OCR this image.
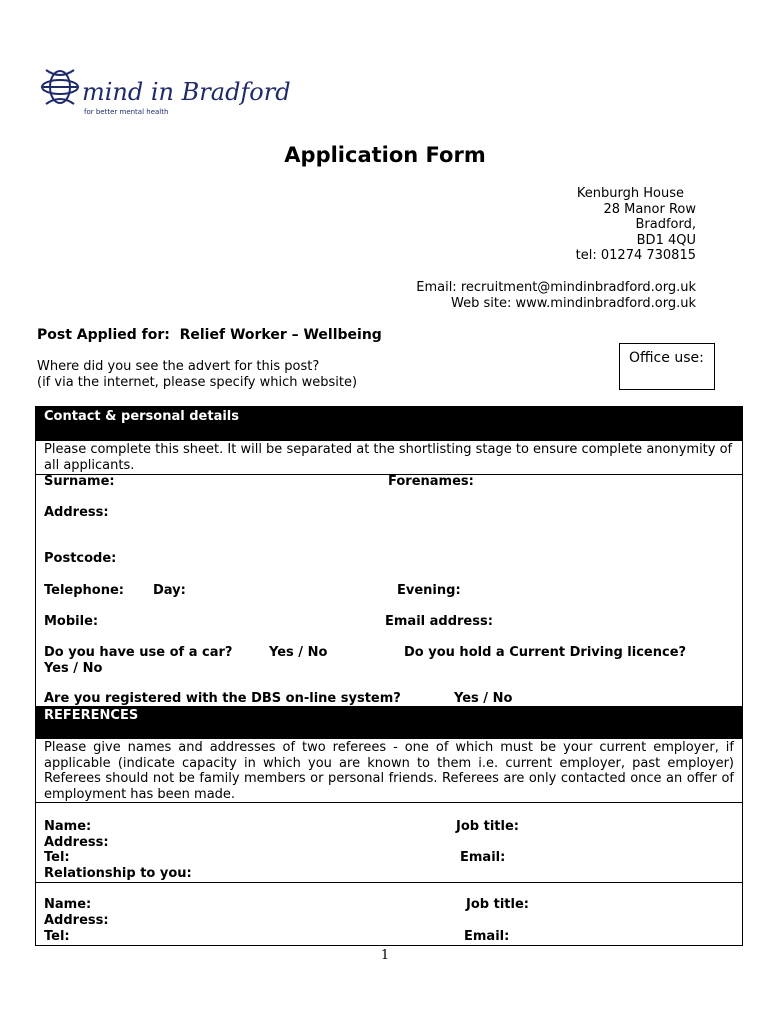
mind in Bradford
for better mental health
Application Form
Kenburgh House
28 Manor Row
Bradford,
BD1 4QU
tel: 01274 730815
Email: recruitment@mindinbradford.org.uk
Web site: www.mindinbradford.org.uk
Post Applied for: Relief Worker – Wellbeing
Where did you see the advert for this post?
(if via the internet, please specify which website)
Office use:
Contact & personal details
Please complete this sheet. It will be separated at the shortlisting stage to ensure complete anonymity of all applicants.
Surname:	Forenames:
Address:
Postcode:
Telephone: Day:	Evening:
Mobile:	Email address:
Do you have use of a car?	Yes / No	Do you hold a Current Driving licence?
Yes / No
Are you registered with the DBS on-line system?	Yes / No
REFERENCES
Please give names and addresses of two referees - one of which must be your current employer, if applicable (indicate capacity in which you are known to them i.e. current employer, past employer) Referees should not be family members or personal friends. Referees are only contacted once an offer of employment has been made.
Name:	Job title:
Address:
Tel:	Email:
Relationship to you:
Name:	Job title:
Address:
Tel:	Email:
1
